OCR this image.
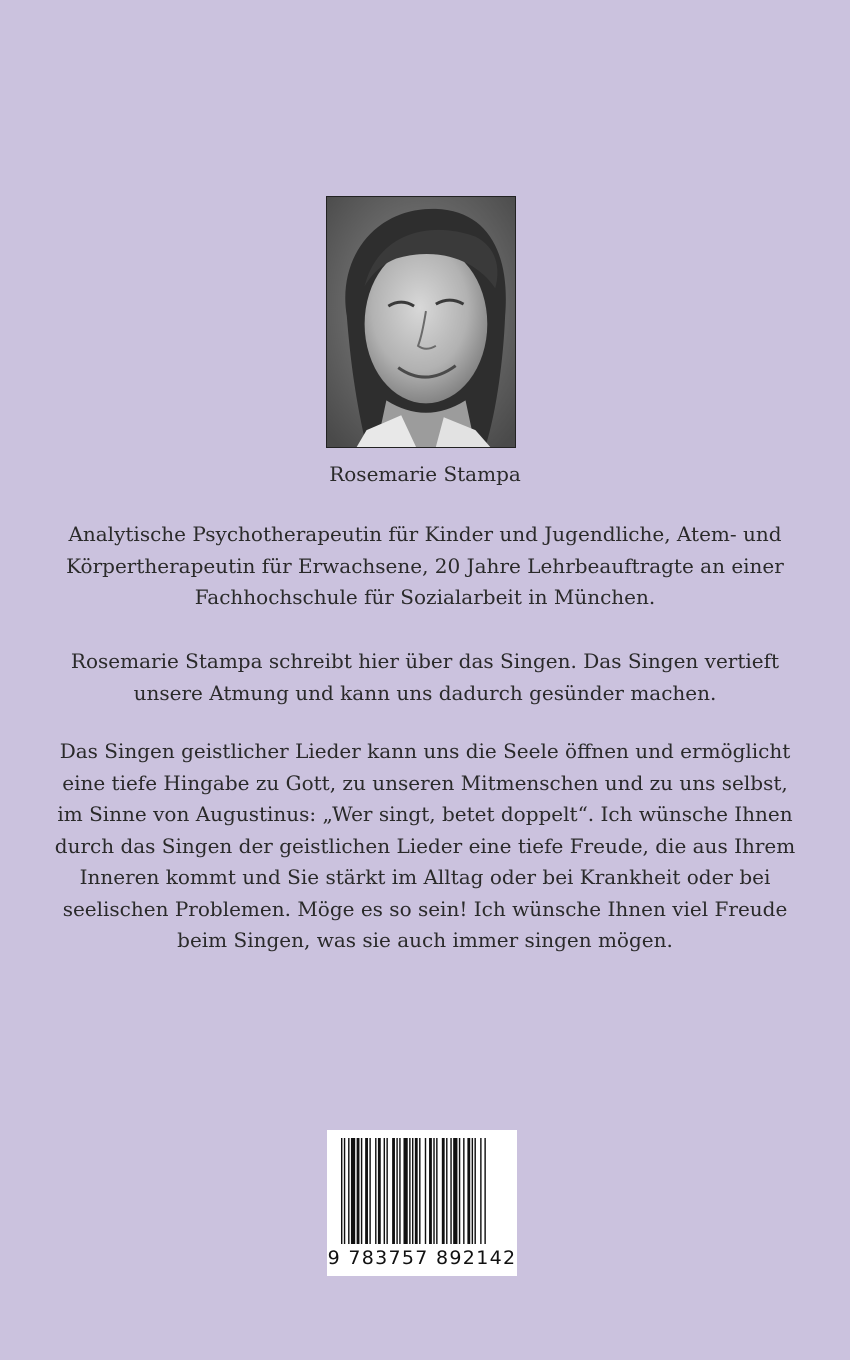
Rosemarie Stampa
Analytische Psychotherapeutin für Kinder und Jugendliche, Atem- und
Körpertherapeutin für Erwachsene, 20 Jahre Lehrbeauftragte an einer
Fachhochschule für Sozialarbeit in München.
Rosemarie Stampa schreibt hier über das Singen. Das Singen vertieft
unsere Atmung und kann uns dadurch gesünder machen.
Das Singen geistlicher Lieder kann uns die Seele öffnen und ermöglicht
eine tiefe Hingabe zu Gott, zu unseren Mitmenschen und zu uns selbst,
im Sinne von Augustinus: „Wer singt, betet doppelt“. Ich wünsche Ihnen
durch das Singen der geistlichen Lieder eine tiefe Freude, die aus Ihrem
Inneren kommt und Sie stärkt im Alltag oder bei Krankheit oder bei
seelischen Problemen. Möge es so sein! Ich wünsche Ihnen viel Freude
beim Singen, was sie auch immer singen mögen.
9 783757 892142
